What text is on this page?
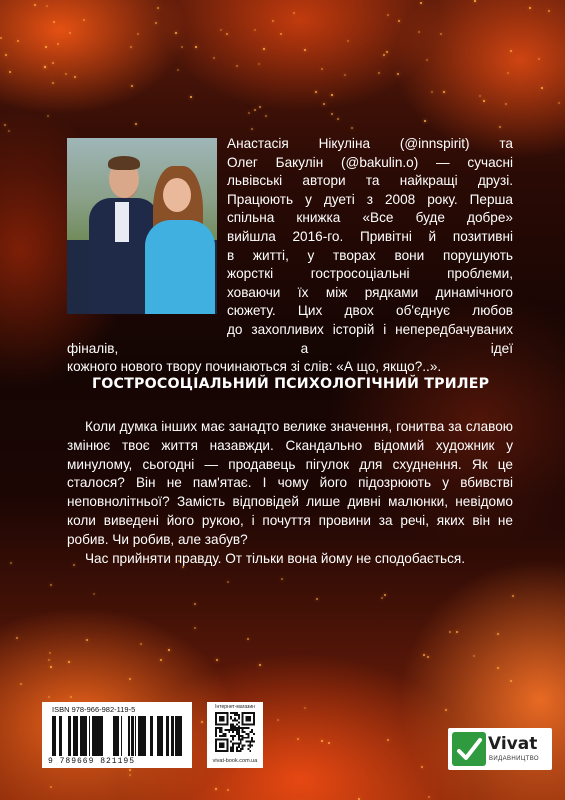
Анастасія Нікуліна (@innspirit) та
Олег Бакулін (@bakulin.o) — сучасні
львівські автори та найкращі друзі.
Працюють у дуеті з 2008 року. Перша
спільна книжка «Все буде добре»
вийшла 2016-го. Привітні й позитивні
в житті, у творах вони порушують
жорсткі гостросоціальні проблеми,
ховаючи їх між рядками динамічного
сюжету. Цих двох об'єднує любов
до захопливих історій і непередбачуваних фіналів, а ідеї
кожного нового твору починаються зі слів: «А що, якщо?..».
ГОСТРОСОЦІАЛЬНИЙ ПСИХОЛОГІЧНИЙ ТРИЛЕР

Коли думка інших має занадто велике значення, гонитва за славою змінює твоє життя назавжди. Скандально відомий художник у минулому, сьогодні — продавець пігулок для схуднення. Як це сталося? Він не пам'ятає. І чому його підозрюють у вбивстві неповнолітньої? Замість відповідей лише дивні малюнки, невідомо коли виведені його рукою, і почуття провини за речі, яких він не робив. Чи робив, але забув?

Час прийняти правду. От тільки вона йому не сподобається.

ISBN 978-966-982-119-5
9 789669 821195
Інтернет-магазин
vivat-book.com.ua
Vivat
ВИДАВНИЦТВО
